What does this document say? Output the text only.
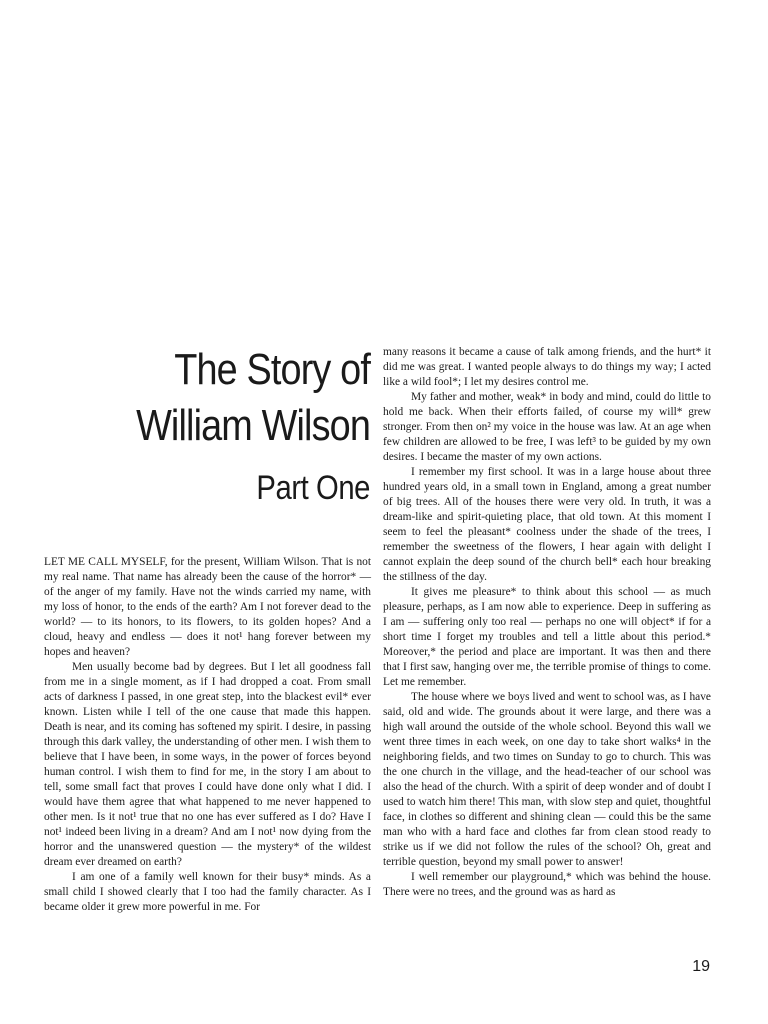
The Story of
William Wilson
Part One

LET ME CALL MYSELF, for the present, William Wilson. That is not my real name. That name has already been the cause of the horror* — of the anger of my family. Have not the winds carried my name, with my loss of honor, to the ends of the earth? Am I not forever dead to the world? — to its honors, to its flowers, to its golden hopes? And a cloud, heavy and endless — does it not¹ hang forever between my hopes and heaven?

Men usually become bad by degrees. But I let all goodness fall from me in a single moment, as if I had dropped a coat. From small acts of darkness I passed, in one great step, into the blackest evil* ever known. Listen while I tell of the one cause that made this happen. Death is near, and its coming has softened my spirit. I desire, in passing through this dark valley, the understanding of other men. I wish them to believe that I have been, in some ways, in the power of forces beyond human control. I wish them to find for me, in the story I am about to tell, some small fact that proves I could have done only what I did. I would have them agree that what happened to me never happened to other men. Is it not¹ true that no one has ever suffered as I do? Have I not¹ indeed been living in a dream? And am I not¹ now dying from the horror and the unanswered question — the mystery* of the wildest dream ever dreamed on earth?

I am one of a family well known for their busy* minds. As a small child I showed clearly that I too had the family character. As I became older it grew more powerful in me. For

many reasons it became a cause of talk among friends, and the hurt* it did me was great. I wanted people always to do things my way; I acted like a wild fool*; I let my desires control me.

My father and mother, weak* in body and mind, could do little to hold me back. When their efforts failed, of course my will* grew stronger. From then on² my voice in the house was law. At an age when few children are allowed to be free, I was left³ to be guided by my own desires. I became the master of my own actions.

I remember my first school. It was in a large house about three hundred years old, in a small town in England, among a great number of big trees. All of the houses there were very old. In truth, it was a dream-like and spirit-quieting place, that old town. At this moment I seem to feel the pleasant* coolness under the shade of the trees, I remember the sweetness of the flowers, I hear again with delight I cannot explain the deep sound of the church bell* each hour breaking the stillness of the day.

It gives me pleasure* to think about this school — as much pleasure, perhaps, as I am now able to experience. Deep in suffering as I am — suffering only too real — perhaps no one will object* if for a short time I forget my troubles and tell a little about this period.* Moreover,* the period and place are important. It was then and there that I first saw, hanging over me, the terrible promise of things to come. Let me remember.

The house where we boys lived and went to school was, as I have said, old and wide. The grounds about it were large, and there was a high wall around the outside of the whole school. Beyond this wall we went three times in each week, on one day to take short walks⁴ in the neighboring fields, and two times on Sunday to go to church. This was the one church in the village, and the head-teacher of our school was also the head of the church. With a spirit of deep wonder and of doubt I used to watch him there! This man, with slow step and quiet, thoughtful face, in clothes so different and shining clean — could this be the same man who with a hard face and clothes far from clean stood ready to strike us if we did not follow the rules of the school? Oh, great and terrible question, beyond my small power to answer!

I well remember our playground,* which was behind the house. There were no trees, and the ground was as hard as

19
